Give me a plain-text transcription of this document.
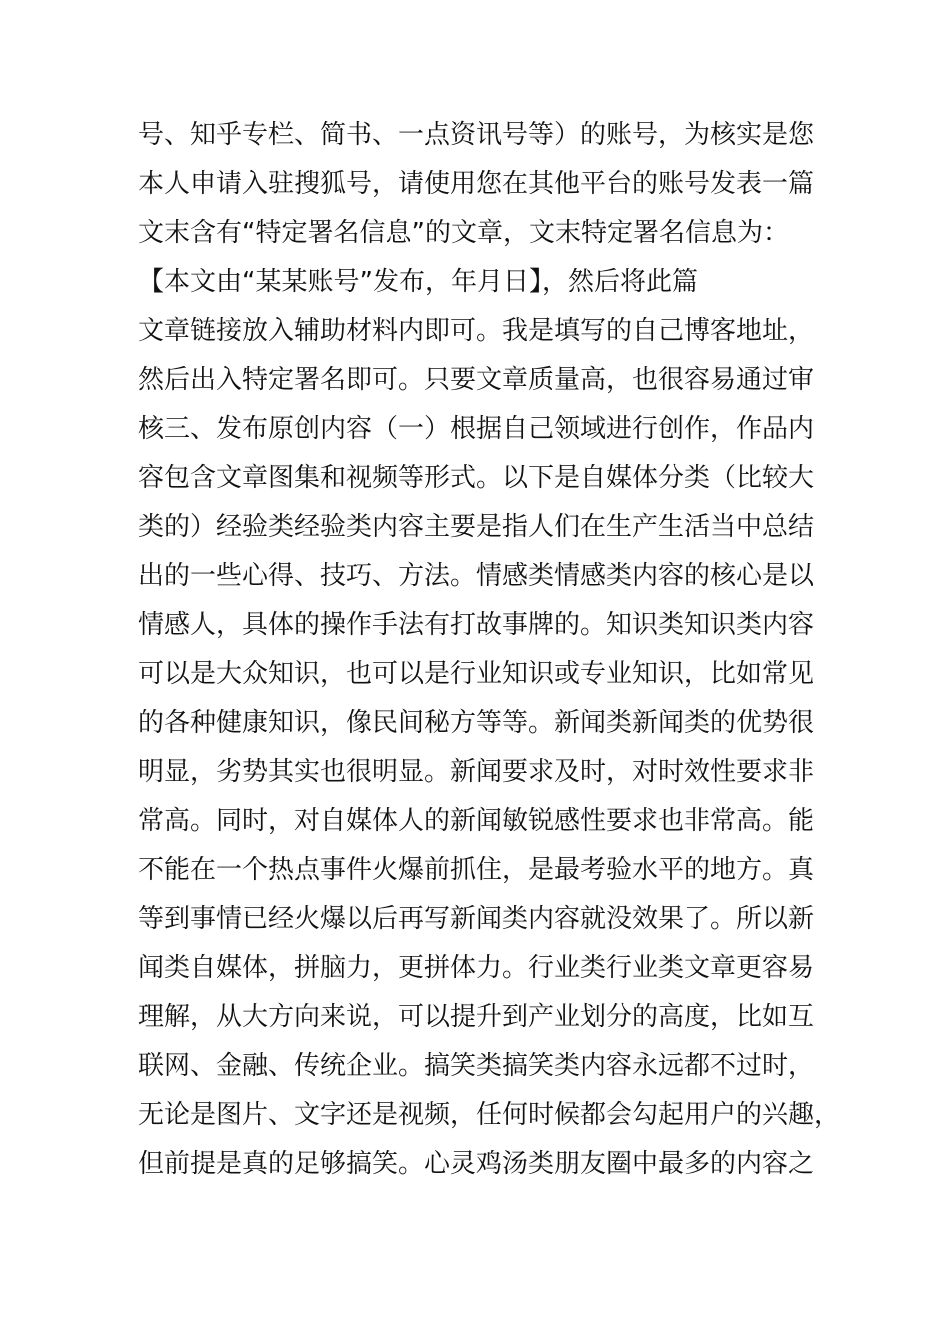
号、知乎专栏、简书、一点资讯号等）的账号，为核实是您
本人申请入驻搜狐号，请使用您在其他平台的账号发表一篇
文末含有“特定署名信息”的文章，文末特定署名信息为：
【本文由“某某账号”发布，年月日】，然后将此篇
文章链接放入辅助材料内即可。我是填写的自己博客地址，
然后出入特定署名即可。只要文章质量高，也很容易通过审
核三、发布原创内容（一）根据自己领域进行创作，作品内
容包含文章图集和视频等形式。以下是自媒体分类（比较大
类的）经验类经验类内容主要是指人们在生产生活当中总结
出的一些心得、技巧、方法。情感类情感类内容的核心是以
情感人，具体的操作手法有打故事牌的。知识类知识类内容
可以是大众知识，也可以是行业知识或专业知识，比如常见
的各种健康知识，像民间秘方等等。新闻类新闻类的优势很
明显，劣势其实也很明显。新闻要求及时，对时效性要求非
常高。同时，对自媒体人的新闻敏锐感性要求也非常高。能
不能在一个热点事件火爆前抓住，是最考验水平的地方。真
等到事情已经火爆以后再写新闻类内容就没效果了。所以新
闻类自媒体，拼脑力，更拼体力。行业类行业类文章更容易
理解，从大方向来说，可以提升到产业划分的高度，比如互
联网、金融、传统企业。搞笑类搞笑类内容永远都不过时，
无论是图片、文字还是视频，任何时候都会勾起用户的兴趣，
但前提是真的足够搞笑。心灵鸡汤类朋友圈中最多的内容之
